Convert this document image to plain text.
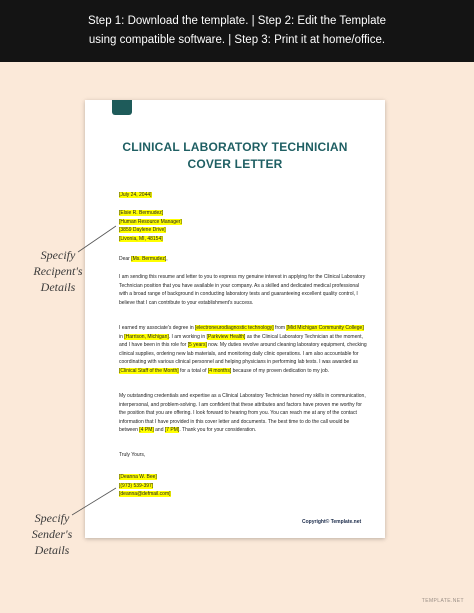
Step 1: Download the template. | Step 2: Edit the Template
using compatible software. | Step 3: Print it at home/office.
CLINICAL LABORATORY TECHNICIAN
COVER LETTER
[July 24, 2044]
[Elsie R. Bermudez]
[Human Resource Manager]
[3859 Daylene Drive]
[Livonia, MI, 48154]
Dear [Ms. Bermudez],
I am sending this resume and letter to you to express my genuine interest in applying for the Clinical Laboratory Technician position that you have available in your company. As a skilled and dedicated medical professional with a broad range of background in conducting laboratory tests and guaranteeing excellent quality control, I believe that I can contribute to your establishment's success.
I earned my associate's degree in [electroneurodiagnostic technology] from [Mid Michigan Community College] in [Harrison, Michigan]. I am working in [Parkview Health] as the Clinical Laboratory Technician at the moment, and I have been in this role for [5 years] now. My duties revolve around cleaning laboratory equipment, checking clinical supplies, ordering new lab materials, and monitoring daily clinic operations. I am also accountable for coordinating with various clinical personnel and helping physicians in performing lab tests. I was awarded as [Clinical Staff of the Month] for a total of [4 months] because of my proven dedication to my job.
My outstanding credentials and expertise as a Clinical Laboratory Technician honed my skills in communication, interpersonal, and problem-solving. I am confident that these attributes and factors have proven me worthy for the position that you are offering. I look forward to hearing from you. You can reach me at any of the contact information that I have provided in this cover letter and documents. The best time to do the call would be between [4 PM] and [7 PM]. Thank you for your consideration.
Truly Yours,
[Deanna W. Bee]
[(973) 539-397]
[deanna@defmail.com]
Copyright© Template.net
Specify
Recipent's
Details
Specify
Sender's
Details
TEMPLATE.NET
